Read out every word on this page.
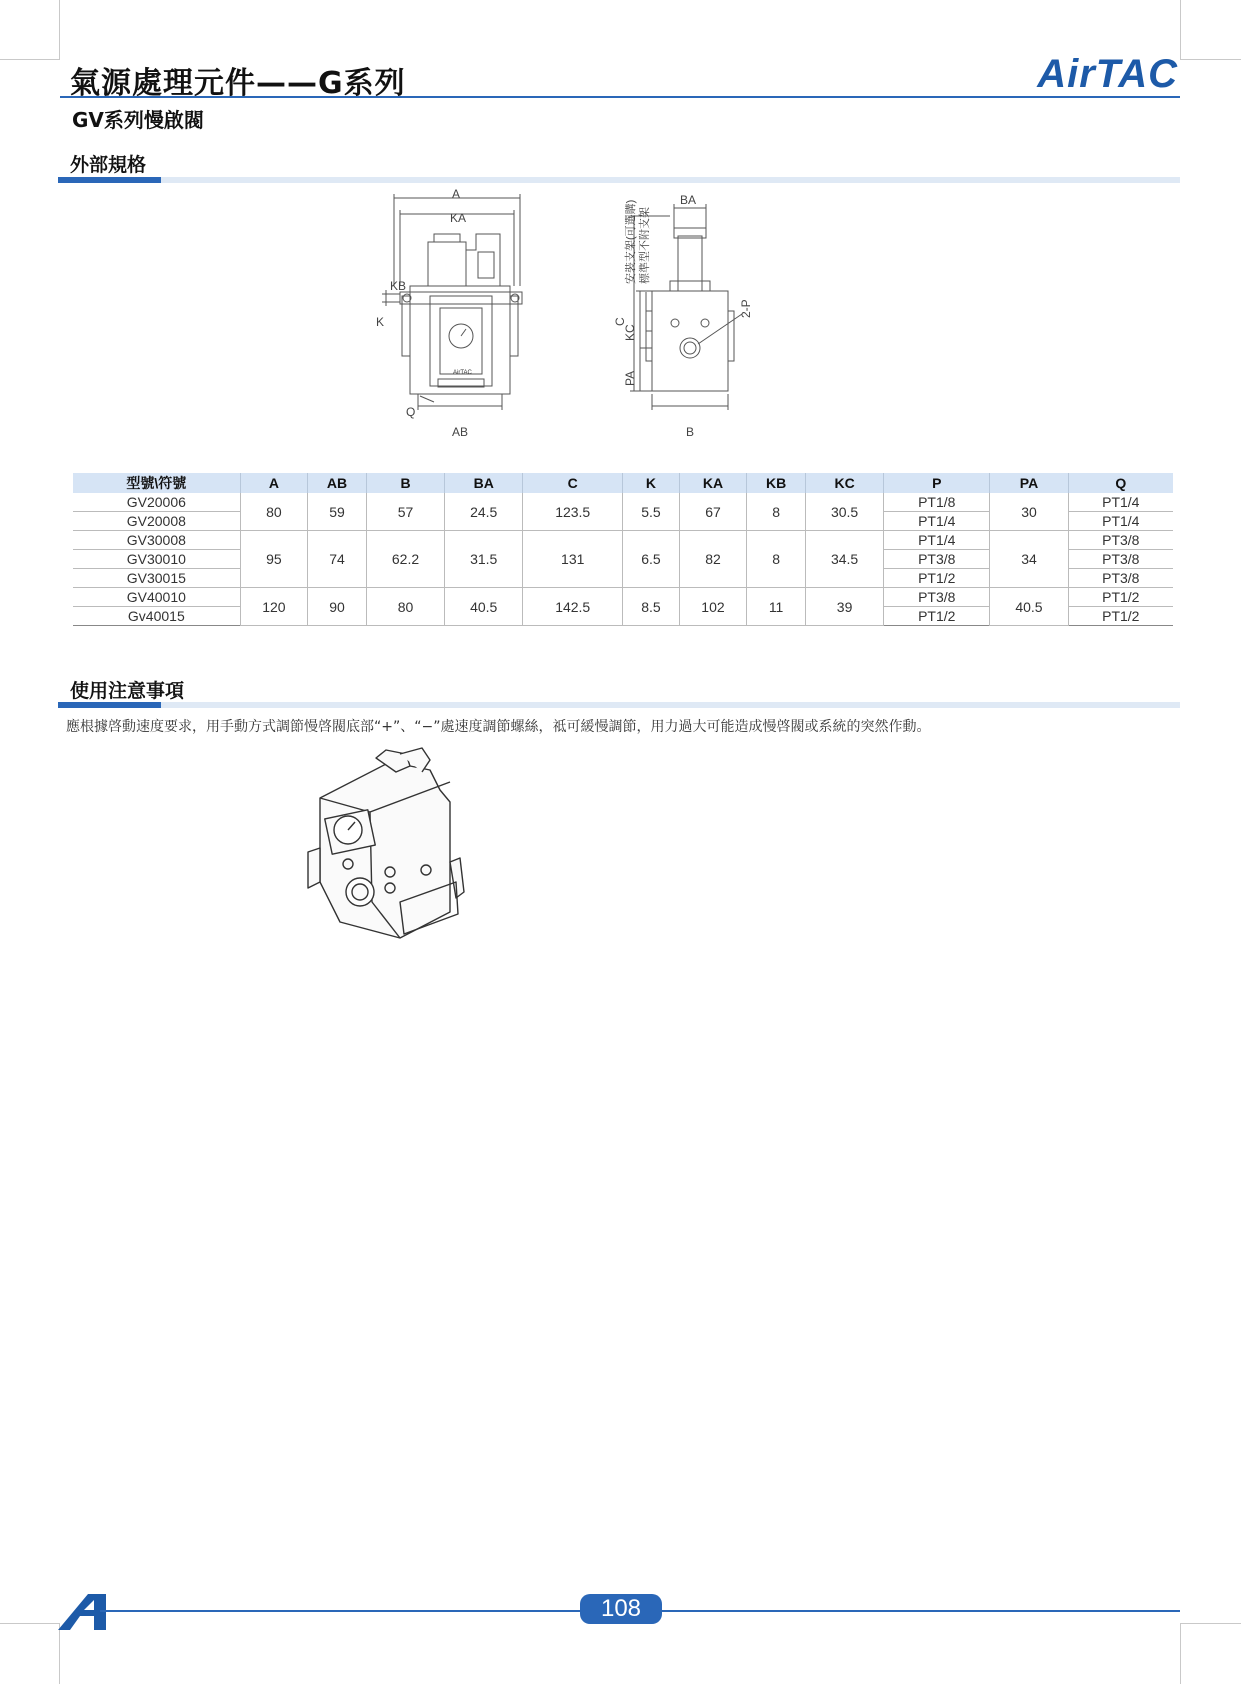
氣源處理元件——G系列	AirTAC
GV系列慢啟閥
外部規格
A
KA
KB
K
Q
AB
AirTAC
BA
C
KC
PA
B
2-P
安裝支架(可選購) 標準型不附支架
型號\符號	A	AB	B	BA	C	K	KA	KB	KC	P	PA	Q
GV20006	80	59	57	24.5	123.5	5.5	67	8	30.5	PT1/8	30	PT1/4
GV20008										PT1/4		PT1/4
GV30008	95	74	62.2	31.5	131	6.5	82	8	34.5	PT1/4	34	PT3/8
GV30010										PT3/8		PT3/8
GV30015										PT1/2		PT3/8
GV40010	120	90	80	40.5	142.5	8.5	102	11	39	PT3/8	40.5	PT1/2
Gv40015										PT1/2		PT1/2
使用注意事項
應根據啓動速度要求，用手動方式調節慢啓閥底部“+”、“−”處速度調節螺絲，祗可緩慢調節，用力過大可能造成慢啓閥或系統的突然作動。
108
